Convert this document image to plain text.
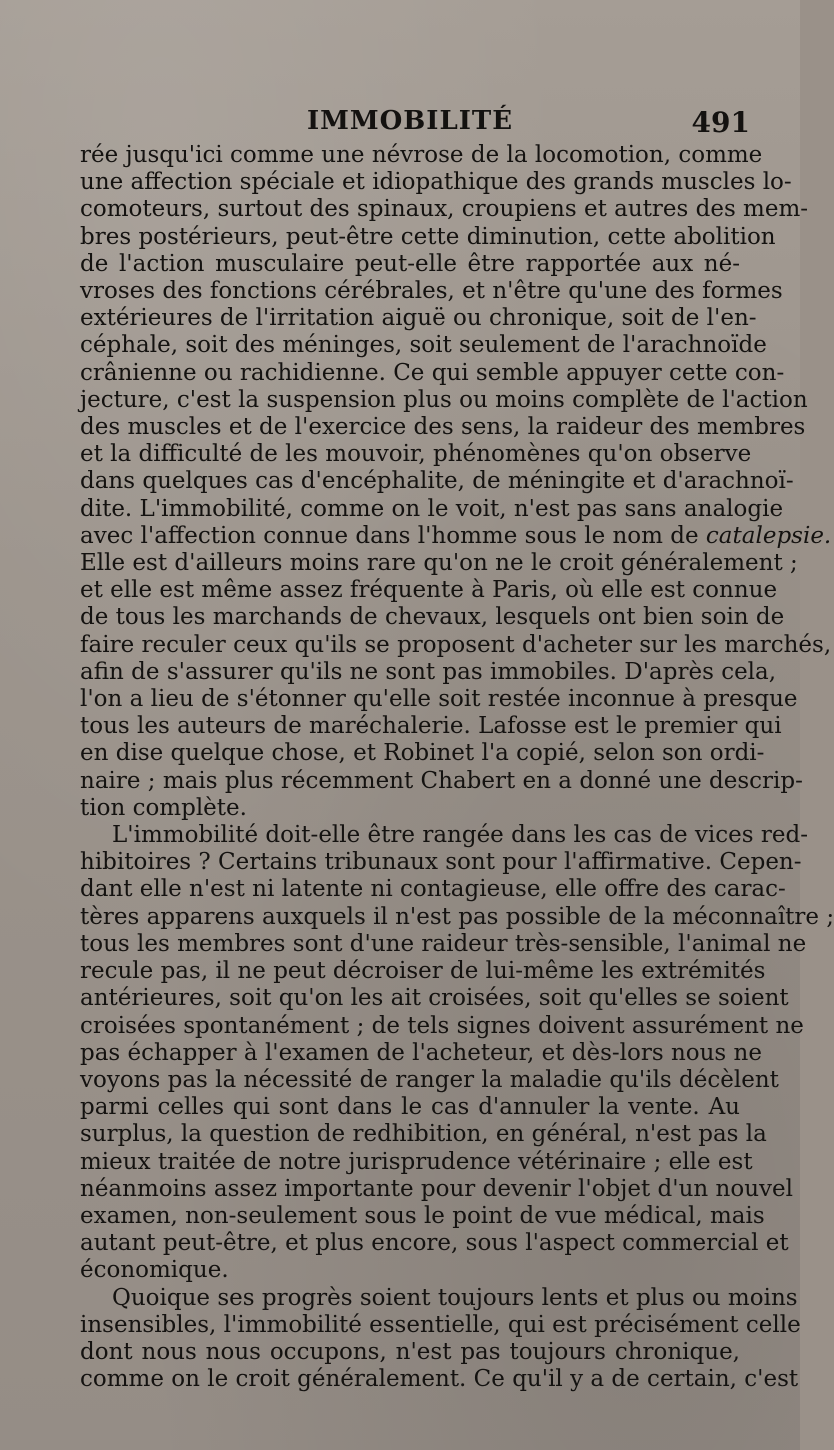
IMMOBILITÉ	491

rée jusqu'ici comme une névrose de la locomotion, comme
une affection spéciale et idiopathique des grands muscles lo-
comoteurs, surtout des spinaux, croupiens et autres des mem-
bres postérieurs, peut-être cette diminution, cette abolition
de l'action musculaire peut-elle être rapportée aux né-
vroses des fonctions cérébrales, et n'être qu'une des formes
extérieures de l'irritation aiguë ou chronique, soit de l'en-
céphale, soit des méninges, soit seulement de l'arachnoïde
crânienne ou rachidienne. Ce qui semble appuyer cette con-
jecture, c'est la suspension plus ou moins complète de l'action
des muscles et de l'exercice des sens, la raideur des membres
et la difficulté de les mouvoir, phénomènes qu'on observe
dans quelques cas d'encéphalite, de méningite et d'arachnoï-
dite. L'immobilité, comme on le voit, n'est pas sans analogie
avec l'affection connue dans l'homme sous le nom de catalepsie.
Elle est d'ailleurs moins rare qu'on ne le croit généralement ;
et elle est même assez fréquente à Paris, où elle est connue
de tous les marchands de chevaux, lesquels ont bien soin de
faire reculer ceux qu'ils se proposent d'acheter sur les marchés,
afin de s'assurer qu'ils ne sont pas immobiles. D'après cela,
l'on a lieu de s'étonner qu'elle soit restée inconnue à presque
tous les auteurs de maréchalerie. Lafosse est le premier qui
en dise quelque chose, et Robinet l'a copié, selon son ordi-
naire ; mais plus récemment Chabert en a donné une descrip-
tion complète.

L'immobilité doit-elle être rangée dans les cas de vices red-
hibitoires ? Certains tribunaux sont pour l'affirmative. Cepen-
dant elle n'est ni latente ni contagieuse, elle offre des carac-
tères apparens auxquels il n'est pas possible de la méconnaître ;
tous les membres sont d'une raideur très-sensible, l'animal ne
recule pas, il ne peut décroiser de lui-même les extrémités
antérieures, soit qu'on les ait croisées, soit qu'elles se soient
croisées spontanément ; de tels signes doivent assurément ne
pas échapper à l'examen de l'acheteur, et dès-lors nous ne
voyons pas la nécessité de ranger la maladie qu'ils décèlent
parmi celles qui sont dans le cas d'annuler la vente. Au
surplus, la question de redhibition, en général, n'est pas la
mieux traitée de notre jurisprudence vétérinaire ; elle est
néanmoins assez importante pour devenir l'objet d'un nouvel
examen, non-seulement sous le point de vue médical, mais
autant peut-être, et plus encore, sous l'aspect commercial et
économique.

Quoique ses progrès soient toujours lents et plus ou moins
insensibles, l'immobilité essentielle, qui est précisément celle
dont nous nous occupons, n'est pas toujours chronique,
comme on le croit généralement. Ce qu'il y a de certain, c'est
